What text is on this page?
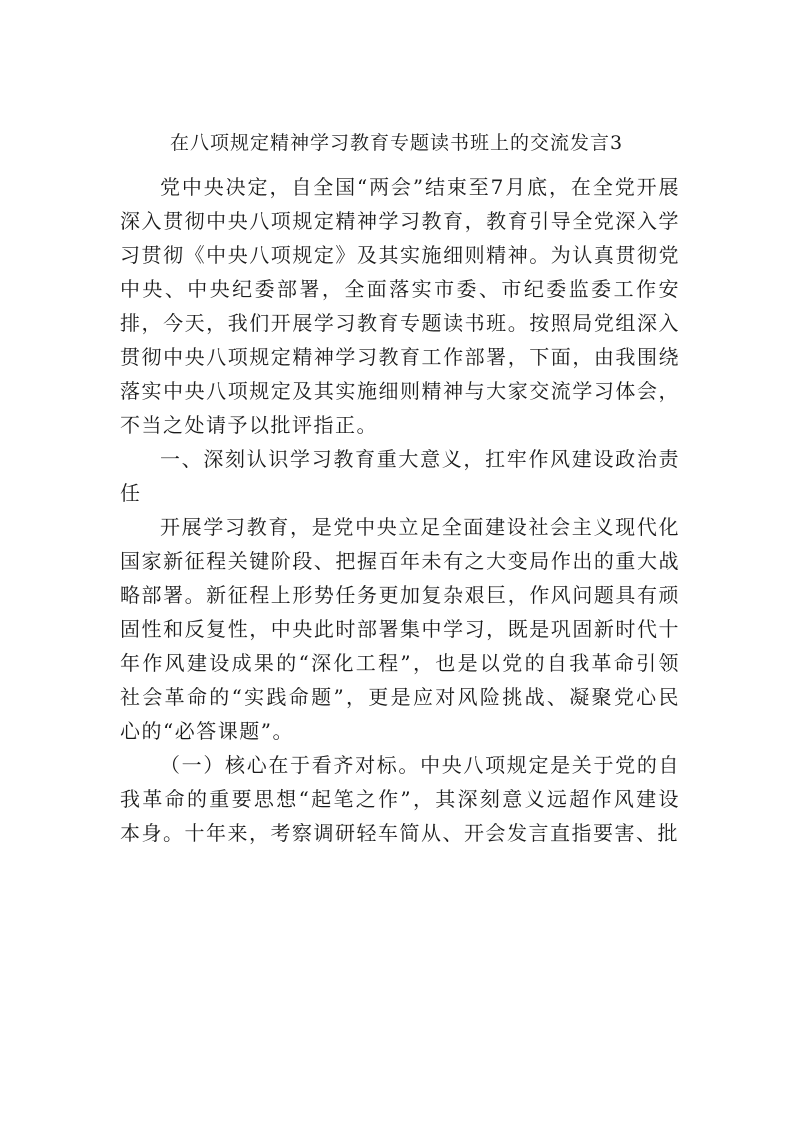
在八项规定精神学习教育专题读书班上的交流发言3

党中央决定，自全国“两会”结束至7月底，在全党开展深入贯彻中央八项规定精神学习教育，教育引导全党深入学习贯彻《中央八项规定》及其实施细则精神。为认真贯彻党中央、中央纪委部署，全面落实市委、市纪委监委工作安排，今天，我们开展学习教育专题读书班。按照局党组深入贯彻中央八项规定精神学习教育工作部署，下面，由我围绕落实中央八项规定及其实施细则精神与大家交流学习体会，不当之处请予以批评指正。

一、深刻认识学习教育重大意义，扛牢作风建设政治责任

开展学习教育，是党中央立足全面建设社会主义现代化国家新征程关键阶段、把握百年未有之大变局作出的重大战略部署。新征程上形势任务更加复杂艰巨，作风问题具有顽固性和反复性，中央此时部署集中学习，既是巩固新时代十年作风建设成果的“深化工程”，也是以党的自我革命引领社会革命的“实践命题”，更是应对风险挑战、凝聚党心民心的“必答课题”。

（一）核心在于看齐对标。中央八项规定是关于党的自我革命的重要思想“起笔之作”，其深刻意义远超作风建设本身。十年来，考察调研轻车简从、开会发言直指要害、批
